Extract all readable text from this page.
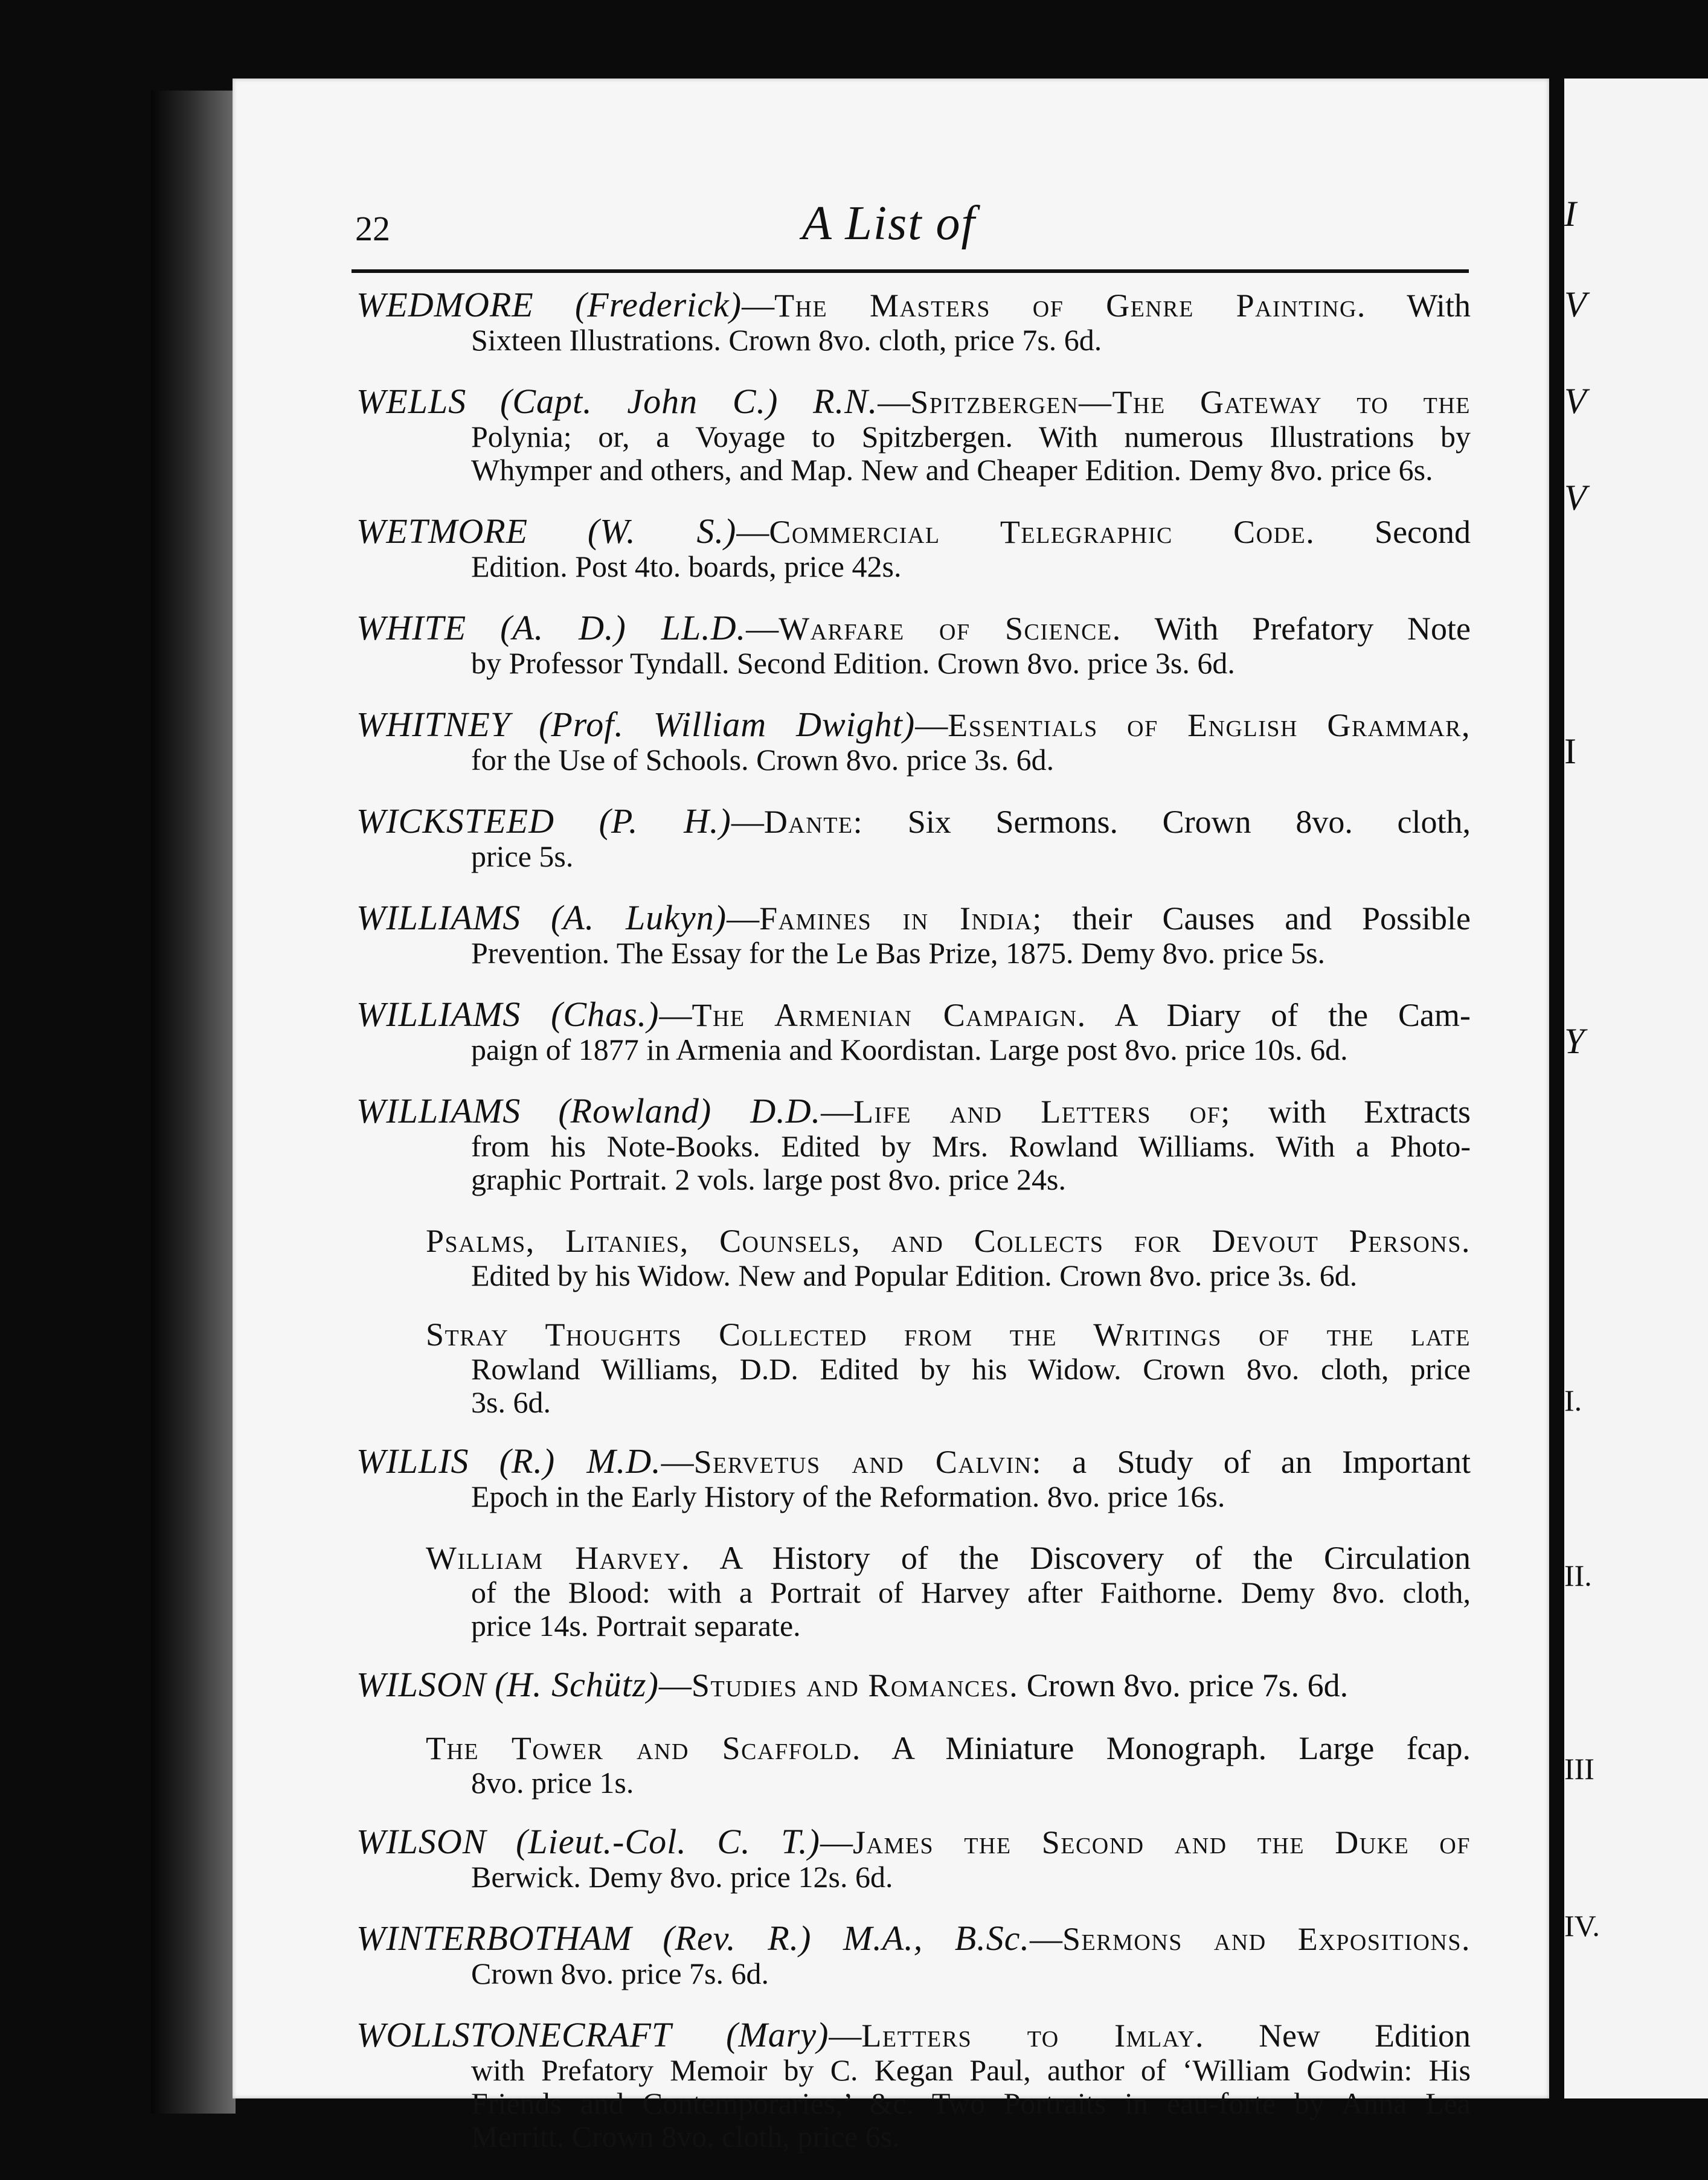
I
V
V
V
I
Y
I.
II.
III
IV.
22	A List of
WEDMORE (Frederick)—The Masters of Genre Painting. With
Sixteen Illustrations. Crown 8vo. cloth, price 7s. 6d.
WELLS (Capt. John C.) R.N.—Spitzbergen—The Gateway to the
Polynia; or, a Voyage to Spitzbergen. With numerous Illustrations by
Whymper and others, and Map. New and Cheaper Edition. Demy 8vo. price 6s.
WETMORE (W. S.)—Commercial Telegraphic Code. Second
Edition. Post 4to. boards, price 42s.
WHITE (A. D.) LL.D.—Warfare of Science. With Prefatory Note
by Professor Tyndall. Second Edition. Crown 8vo. price 3s. 6d.
WHITNEY (Prof. William Dwight)—Essentials of English Grammar,
for the Use of Schools. Crown 8vo. price 3s. 6d.
WICKSTEED (P. H.)—Dante: Six Sermons. Crown 8vo. cloth,
price 5s.
WILLIAMS (A. Lukyn)—Famines in India; their Causes and Possible
Prevention. The Essay for the Le Bas Prize, 1875. Demy 8vo. price 5s.
WILLIAMS (Chas.)—The Armenian Campaign. A Diary of the Cam-
paign of 1877 in Armenia and Koordistan. Large post 8vo. price 10s. 6d.
WILLIAMS (Rowland) D.D.—Life and Letters of; with Extracts
from his Note-Books. Edited by Mrs. Rowland Williams. With a Photo-
graphic Portrait. 2 vols. large post 8vo. price 24s.
Psalms, Litanies, Counsels, and Collects for Devout Persons.
Edited by his Widow. New and Popular Edition. Crown 8vo. price 3s. 6d.
Stray Thoughts Collected from the Writings of the late
Rowland Williams, D.D. Edited by his Widow. Crown 8vo. cloth, price
3s. 6d.
WILLIS (R.) M.D.—Servetus and Calvin: a Study of an Important
Epoch in the Early History of the Reformation. 8vo. price 16s.
William Harvey. A History of the Discovery of the Circulation
of the Blood: with a Portrait of Harvey after Faithorne. Demy 8vo. cloth,
price 14s. Portrait separate.
WILSON (H. Schütz)—Studies and Romances. Crown 8vo. price 7s. 6d.
The Tower and Scaffold. A Miniature Monograph. Large fcap.
8vo. price 1s.
WILSON (Lieut.-Col. C. T.)—James the Second and the Duke of
Berwick. Demy 8vo. price 12s. 6d.
WINTERBOTHAM (Rev. R.) M.A., B.Sc.—Sermons and Expositions.
Crown 8vo. price 7s. 6d.
WOLLSTONECRAFT (Mary)—Letters to Imlay. New Edition
with Prefatory Memoir by C. Kegan Paul, author of ‘William Godwin: His
Friends and Contemporaries,’ &c. Two Portraits in eau-forte by Anna Lea
Merritt. Crown 8vo. cloth, price 6s.
